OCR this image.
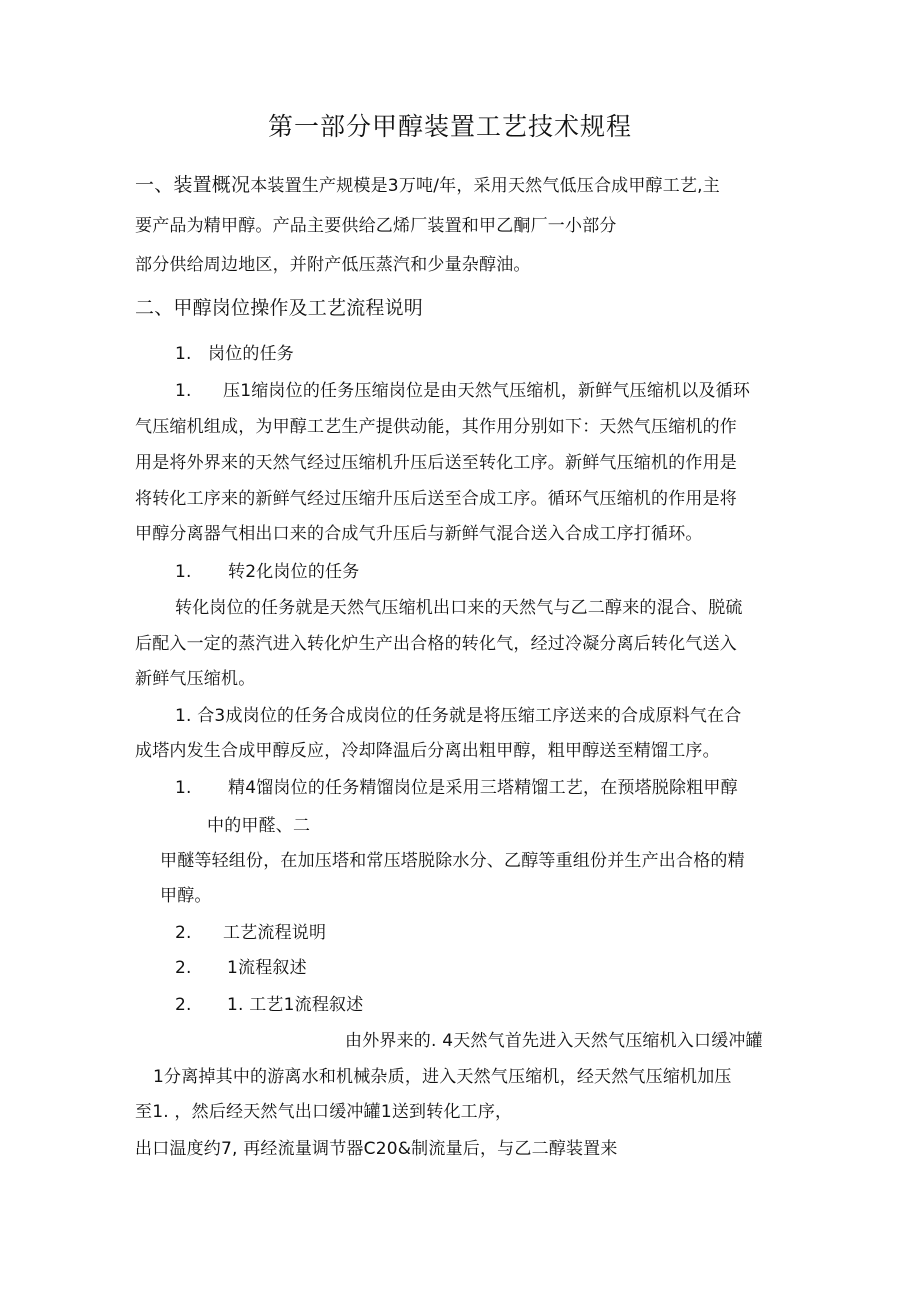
第一部分甲醇装置工艺技术规程
一、装置概况本装置生产规模是3万吨/年，采用天然气低压合成甲醇工艺,主
要产品为精甲醇。产品主要供给乙烯厂装置和甲乙酮厂一小部分
部分供给周边地区，并附产低压蒸汽和少量杂醇油。
二、甲醇岗位操作及工艺流程说明
1. 岗位的任务
1. 压1缩岗位的任务压缩岗位是由天然气压缩机，新鲜气压缩机以及循环
气压缩机组成，为甲醇工艺生产提供动能，其作用分别如下：天然气压缩机的作
用是将外界来的天然气经过压缩机升压后送至转化工序。新鲜气压缩机的作用是
将转化工序来的新鲜气经过压缩升压后送至合成工序。循环气压缩机的作用是将
甲醇分离器气相出口来的合成气升压后与新鲜气混合送入合成工序打循环。
1. 转2化岗位的任务
转化岗位的任务就是天然气压缩机出口来的天然气与乙二醇来的混合、脱硫
后配入一定的蒸汽进入转化炉生产出合格的转化气，经过冷凝分离后转化气送入
新鲜气压缩机。
1. 合3成岗位的任务合成岗位的任务就是将压缩工序送来的合成原料气在合
成塔内发生合成甲醇反应，冷却降温后分离出粗甲醇，粗甲醇送至精馏工序。
1. 精4馏岗位的任务精馏岗位是采用三塔精馏工艺，在预塔脱除粗甲醇
中的甲醛、二
甲醚等轻组份，在加压塔和常压塔脱除水分、乙醇等重组份并生产出合格的精
甲醇。
2. 工艺流程说明
2. 1流程叙述
2. 1. 工艺1流程叙述
由外界来的. 4天然气首先进入天然气压缩机入口缓冲罐
1分离掉其中的游离水和机械杂质，进入天然气压缩机，经天然气压缩机加压
至1. ，然后经天然气出口缓冲罐1送到转化工序，
出口温度约7, 再经流量调节器C20&制流量后，与乙二醇装置来
